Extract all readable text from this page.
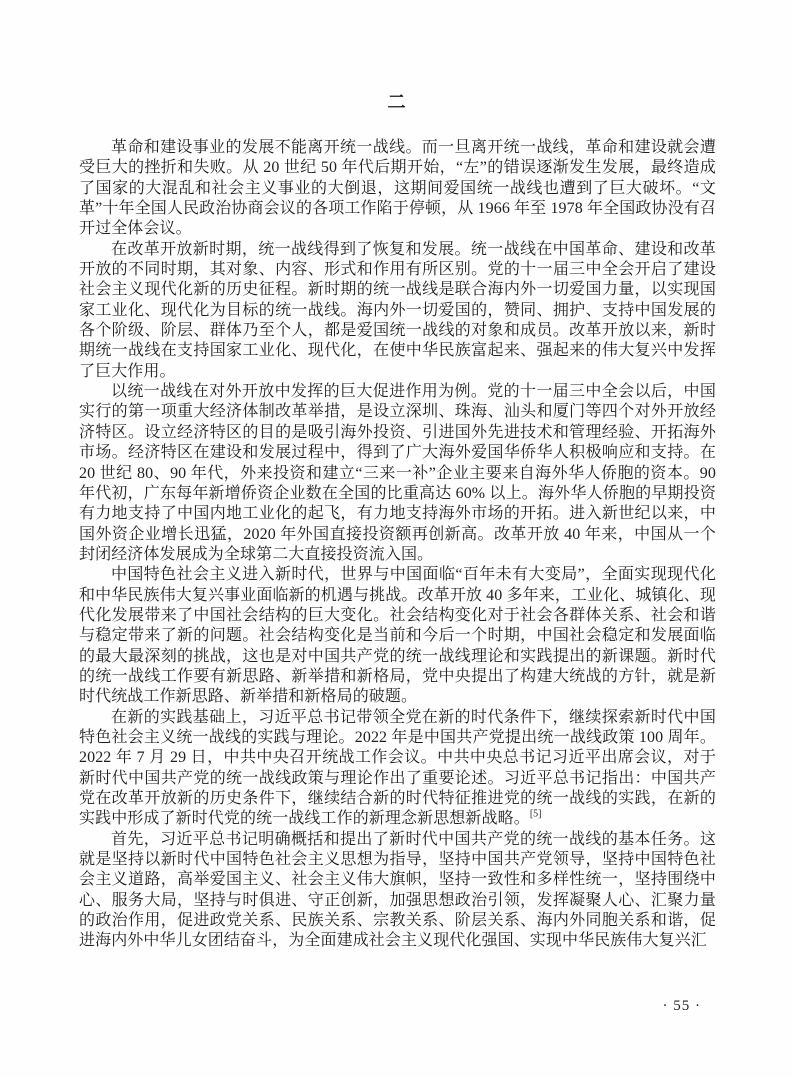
二

革命和建设事业的发展不能离开统一战线。而一旦离开统一战线，革命和建设就会遭受巨大的挫折和失败。从 20 世纪 50 年代后期开始，“左”的错误逐渐发生发展，最终造成了国家的大混乱和社会主义事业的大倒退，这期间爱国统一战线也遭到了巨大破坏。“文革”十年全国人民政治协商会议的各项工作陷于停顿，从 1966 年至 1978 年全国政协没有召开过全体会议。

在改革开放新时期，统一战线得到了恢复和发展。统一战线在中国革命、建设和改革开放的不同时期，其对象、内容、形式和作用有所区别。党的十一届三中全会开启了建设社会主义现代化新的历史征程。新时期的统一战线是联合海内外一切爱国力量，以实现国家工业化、现代化为目标的统一战线。海内外一切爱国的，赞同、拥护、支持中国发展的各个阶级、阶层、群体乃至个人，都是爱国统一战线的对象和成员。改革开放以来，新时期统一战线在支持国家工业化、现代化，在使中华民族富起来、强起来的伟大复兴中发挥了巨大作用。

以统一战线在对外开放中发挥的巨大促进作用为例。党的十一届三中全会以后，中国实行的第一项重大经济体制改革举措，是设立深圳、珠海、汕头和厦门等四个对外开放经济特区。设立经济特区的目的是吸引海外投资、引进国外先进技术和管理经验、开拓海外市场。经济特区在建设和发展过程中，得到了广大海外爱国华侨华人积极响应和支持。在 20 世纪 80、90 年代，外来投资和建立“三来一补”企业主要来自海外华人侨胞的资本。90 年代初，广东每年新增侨资企业数在全国的比重高达 60% 以上。海外华人侨胞的早期投资有力地支持了中国内地工业化的起飞，有力地支持海外市场的开拓。进入新世纪以来，中国外资企业增长迅猛，2020 年外国直接投资额再创新高。改革开放 40 年来，中国从一个封闭经济体发展成为全球第二大直接投资流入国。

中国特色社会主义进入新时代，世界与中国面临“百年未有大变局”，全面实现现代化和中华民族伟大复兴事业面临新的机遇与挑战。改革开放 40 多年来，工业化、城镇化、现代化发展带来了中国社会结构的巨大变化。社会结构变化对于社会各群体关系、社会和谐与稳定带来了新的问题。社会结构变化是当前和今后一个时期，中国社会稳定和发展面临的最大最深刻的挑战，这也是对中国共产党的统一战线理论和实践提出的新课题。新时代的统一战线工作要有新思路、新举措和新格局，党中央提出了构建大统战的方针，就是新时代统战工作新思路、新举措和新格局的破题。

在新的实践基础上，习近平总书记带领全党在新的时代条件下，继续探索新时代中国特色社会主义统一战线的实践与理论。2022 年是中国共产党提出统一战线政策 100 周年。2022 年 7 月 29 日，中共中央召开统战工作会议。中共中央总书记习近平出席会议，对于新时代中国共产党的统一战线政策与理论作出了重要论述。习近平总书记指出：中国共产党在改革开放新的历史条件下，继续结合新的时代特征推进党的统一战线的实践，在新的实践中形成了新时代党的统一战线工作的新理念新思想新战略。[5]

首先，习近平总书记明确概括和提出了新时代中国共产党的统一战线的基本任务。这就是坚持以新时代中国特色社会主义思想为指导，坚持中国共产党领导，坚持中国特色社会主义道路，高举爱国主义、社会主义伟大旗帜，坚持一致性和多样性统一，坚持围绕中心、服务大局，坚持与时俱进、守正创新，加强思想政治引领，发挥凝聚人心、汇聚力量的政治作用，促进政党关系、民族关系、宗教关系、阶层关系、海内外同胞关系和谐，促进海内外中华儿女团结奋斗，为全面建成社会主义现代化强国、实现中华民族伟大复兴汇

· 55 ·
